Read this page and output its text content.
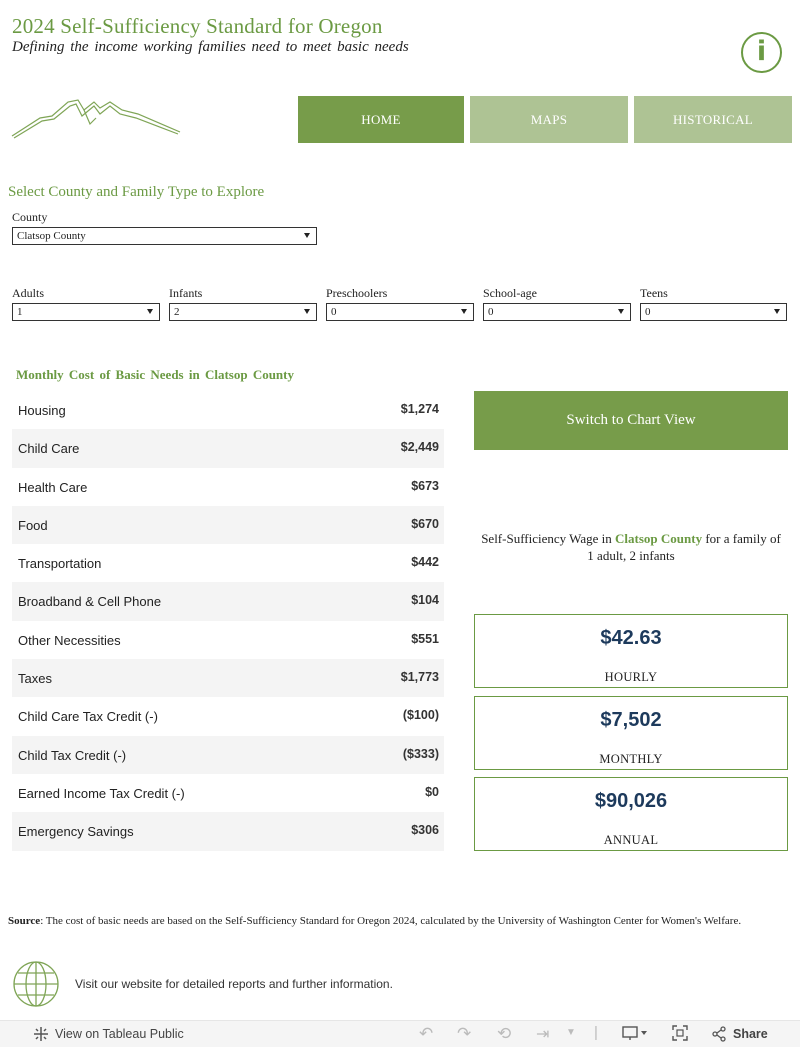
2024 Self-Sufficiency Standard for Oregon
Defining the income working families need to meet basic needs	i
HOME	MAPS	HISTORICAL
Select County and Family Type to Explore
County
Clatsop County
Adults
1
Infants
2
Preschoolers
0
School-age
0
Teens
0
Monthly Cost of Basic Needs in Clatsop County
Housing	$1,274
Child Care	$2,449
Health Care	$673
Food	$670
Transportation	$442
Broadband & Cell Phone	$104
Other Necessities	$551
Taxes	$1,773
Child Care Tax Credit (-)	($100)
Child Tax Credit (-)	($333)
Earned Income Tax Credit (-)	$0
Emergency Savings	$306
Switch to Chart View
Self-Sufficiency Wage in Clatsop County for a family of 1 adult, 2 infants
$42.63
HOURLY
$7,502
MONTHLY
$90,026
ANNUAL
Source: The cost of basic needs are based on the Self-Sufficiency Standard for Oregon 2024, calculated by the University of Washington Center for Women's Welfare.
Visit our website for detailed reports and further information.
View on Tableau Public	↶ ↷ ⟲ ⇥ ▼ |	Share
